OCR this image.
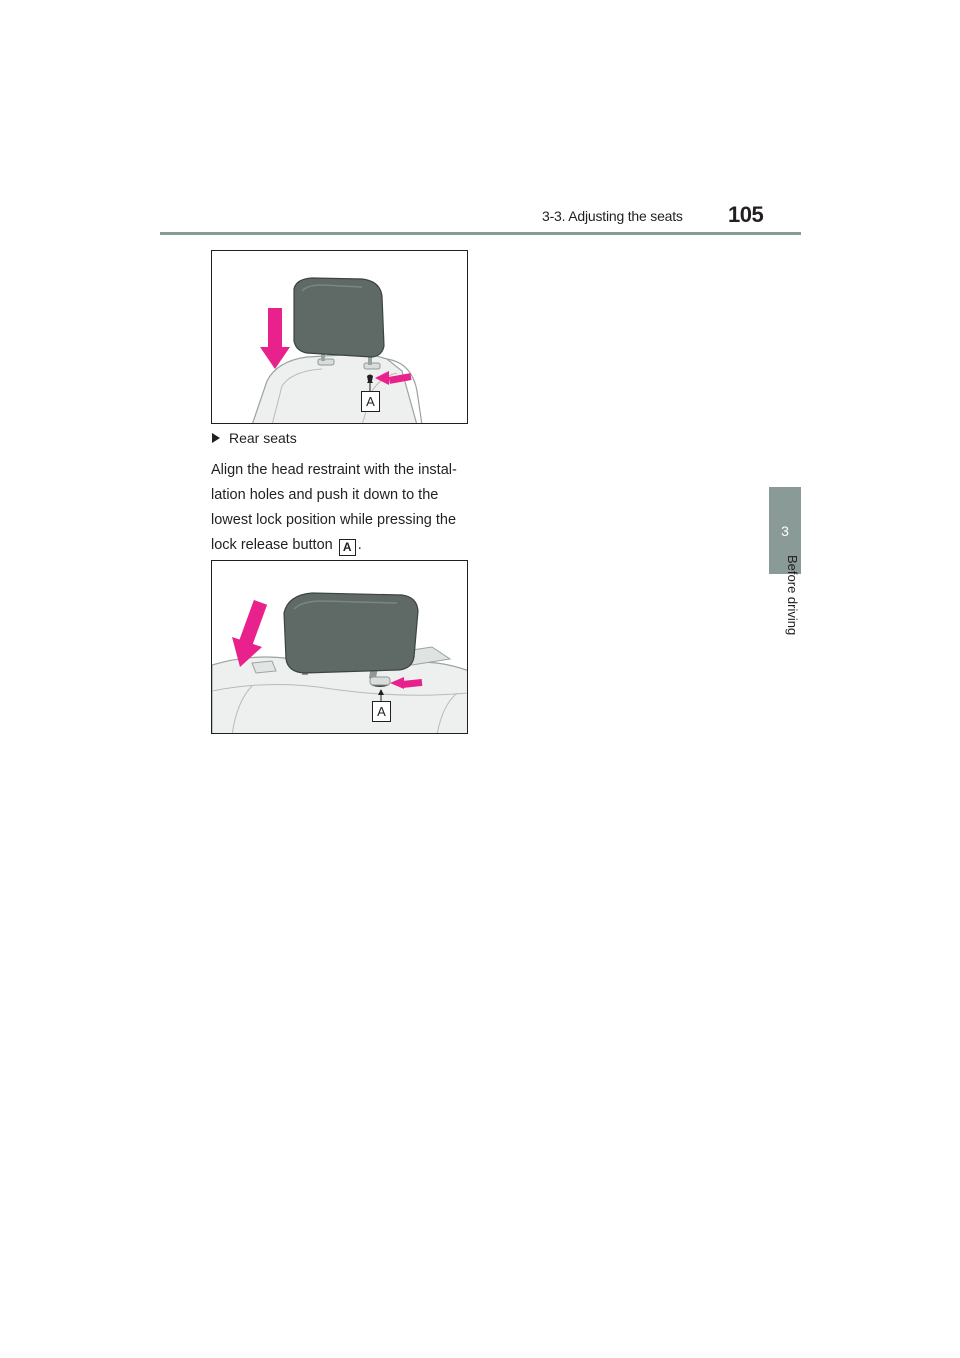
3-3. Adjusting the seats 105
3
Before driving
A
Rear seats

Align the head restraint with the instal-

lation holes and push it down to the

lowest lock position while pressing the

lock release button A .

A
